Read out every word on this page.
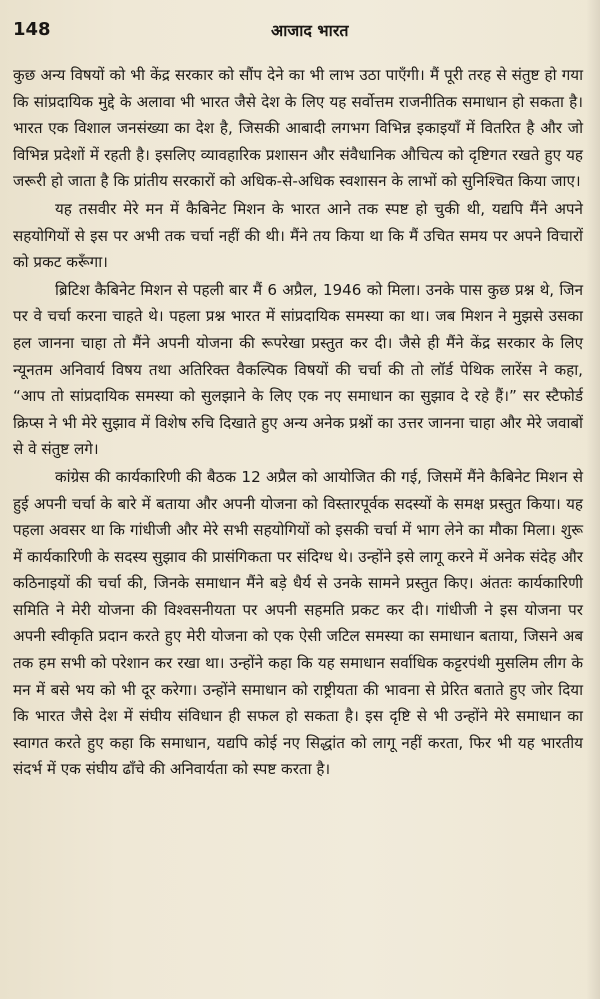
148	आजाद भारत

कुछ अन्य विषयों को भी केंद्र सरकार को सौंप देने का भी लाभ उठा पाएँगी। मैं पूरी तरह से संतुष्ट हो गया कि सांप्रदायिक मुद्दे के अलावा भी भारत जैसे देश के लिए यह सर्वोत्तम राजनीतिक समाधान हो सकता है। भारत एक विशाल जनसंख्या का देश है, जिसकी आबादी लगभग विभिन्न इकाइयाँ में वितरित है और जो विभिन्न प्रदेशों में रहती है। इसलिए व्यावहारिक प्रशासन और संवैधानिक औचित्य को दृष्टिगत रखते हुए यह जरूरी हो जाता है कि प्रांतीय सरकारों को अधिक-से-अधिक स्वशासन के लाभों को सुनिश्चित किया जाए।

यह तसवीर मेरे मन में कैबिनेट मिशन के भारत आने तक स्पष्ट हो चुकी थी, यद्यपि मैंने अपने सहयोगियों से इस पर अभी तक चर्चा नहीं की थी। मैंने तय किया था कि मैं उचित समय पर अपने विचारों को प्रकट करूँगा।

ब्रिटिश कैबिनेट मिशन से पहली बार मैं 6 अप्रैल, 1946 को मिला। उनके पास कुछ प्रश्न थे, जिन पर वे चर्चा करना चाहते थे। पहला प्रश्न भारत में सांप्रदायिक समस्या का था। जब मिशन ने मुझसे उसका हल जानना चाहा तो मैंने अपनी योजना की रूपरेखा प्रस्तुत कर दी। जैसे ही मैंने केंद्र सरकार के लिए न्यूनतम अनिवार्य विषय तथा अतिरिक्त वैकल्पिक विषयों की चर्चा की तो लॉर्ड पेथिक लारेंस ने कहा, “आप तो सांप्रदायिक समस्या को सुलझाने के लिए एक नए समाधान का सुझाव दे रहे हैं।” सर स्टैफोर्ड क्रिप्स ने भी मेरे सुझाव में विशेष रुचि दिखाते हुए अन्य अनेक प्रश्नों का उत्तर जानना चाहा और मेरे जवाबों से वे संतुष्ट लगे।

कांग्रेस की कार्यकारिणी की बैठक 12 अप्रैल को आयोजित की गई, जिसमें मैंने कैबिनेट मिशन से हुई अपनी चर्चा के बारे में बताया और अपनी योजना को विस्तारपूर्वक सदस्यों के समक्ष प्रस्तुत किया। यह पहला अवसर था कि गांधीजी और मेरे सभी सहयोगियों को इसकी चर्चा में भाग लेने का मौका मिला। शुरू में कार्यकारिणी के सदस्य सुझाव की प्रासंगिकता पर संदिग्ध थे। उन्होंने इसे लागू करने में अनेक संदेह और कठिनाइयों की चर्चा की, जिनके समाधान मैंने बड़े धैर्य से उनके सामने प्रस्तुत किए। अंततः कार्यकारिणी समिति ने मेरी योजना की विश्वसनीयता पर अपनी सहमति प्रकट कर दी। गांधीजी ने इस योजना पर अपनी स्वीकृति प्रदान करते हुए मेरी योजना को एक ऐसी जटिल समस्या का समाधान बताया, जिसने अब तक हम सभी को परेशान कर रखा था। उन्होंने कहा कि यह समाधान सर्वाधिक कट्टरपंथी मुसलिम लीग के मन में बसे भय को भी दूर करेगा। उन्होंने समाधान को राष्ट्रीयता की भावना से प्रेरित बताते हुए जोर दिया कि भारत जैसे देश में संघीय संविधान ही सफल हो सकता है। इस दृष्टि से भी उन्होंने मेरे समाधान का स्वागत करते हुए कहा कि समाधान, यद्यपि कोई नए सिद्धांत को लागू नहीं करता, फिर भी यह भारतीय संदर्भ में एक संघीय ढाँचे की अनिवार्यता को स्पष्ट करता है।
